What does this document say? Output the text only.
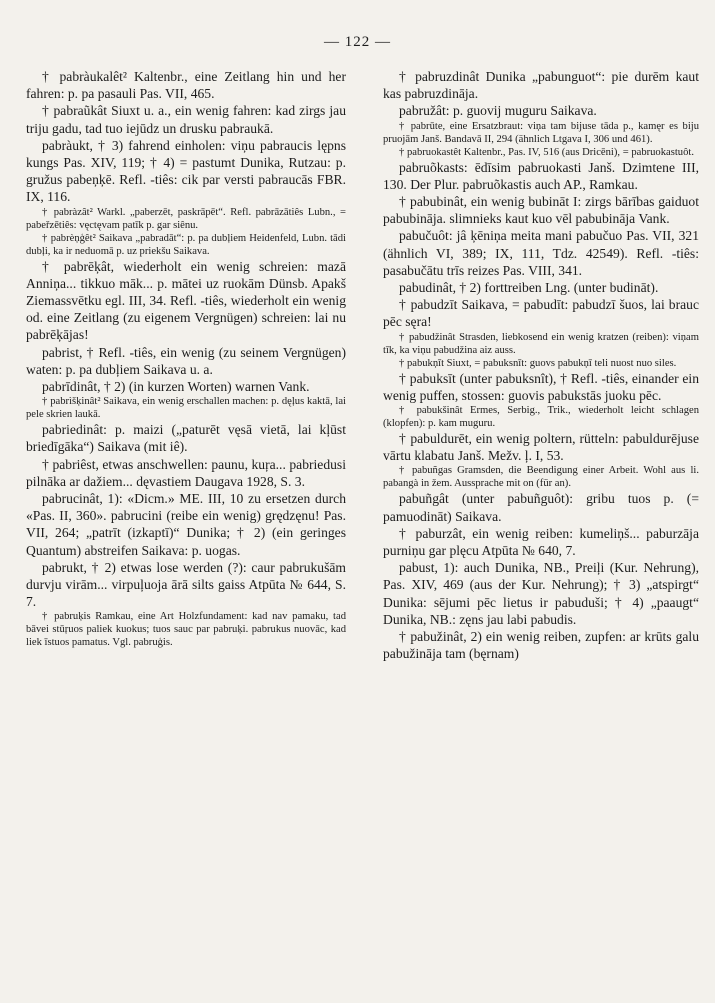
— 122 —

† pabràukalêt² Kaltenbr., eine Zeitlang hin und her fahren: p. pa pasauli Pas. VII, 465.

† pabraũkât Siuxt u. a., ein wenig fahren: kad zirgs jau triju gadu, tad tuo iejūdz un drusku pabraukā.

pabràukt, † 3) fahrend einholen: viņu pabraucis lępns kungs Pas. XIV, 119; † 4) = pastumt Dunika, Rutzau: p. gružus pabeņķē. Refl. -tiês: cik par versti pabraucās FBR. IX, 116.

† pabràzât² Warkl. „paberzēt, paskrāpēt“. Refl. pabrāzātiês Lubn., = pabeřzētiês: vęctęvam patīk p. gar siênu.

† pabrèņģêt² Saikava „pabradāt“: p. pa dubļiem Heidenfeld, Lubn. tādi dubļi, ka ir neduomā p. uz priekšu Saikava.

† pabrēķât, wiederholt ein wenig schreien: mazā Anniņa... tikkuo māk... p. mātei uz ruokām Dünsb. Apakš Ziemassvētku egl. III, 34. Refl. -tiês, wiederholt ein wenig od. eine Zeitlang (zu eigenem Vergnügen) schreien: lai nu pabrēķājas!

pabrist, † Refl. -tiês, ein wenig (zu seinem Vergnügen) waten: p. pa dubļiem Saikava u. a.

pabrīdinât, † 2) (in kurzen Worten) warnen Vank.

† pabrìšķinât² Saikava, ein wenig erschallen machen: p. dęļus kaktā, lai pele skrien laukā.

pabriedinât: p. maizi („paturēt vęsā vietā, lai kļūst briedīgāka“) Saikava (mit iê).

† pabriêst, etwas anschwellen: paunu, kuŗa... pabriedusi pilnāka ar dažiem... dęvastiem Daugava 1928, S. 3.

pabrucinât, 1): «Dicm.» ME. III, 10 zu ersetzen durch «Pas. II, 360». pabrucini (reibe ein wenig) grędzęnu! Pas. VII, 264; „patrīt (izkaptī)“ Dunika; † 2) (ein geringes Quantum) abstreifen Saikava: p. uogas.

pabrukt, † 2) etwas lose werden (?): caur pabrukušām durvju virām... virpuļuoja ārā silts gaiss Atpūta № 644, S. 7.

† pabruķis Ramkau, eine Art Holzfundament: kad nav pamaku, tad bāvei stūŗuos paliek kuokus; tuos sauc par pabruķi. pabrukus nuovāc, kad liek īstuos pamatus. Vgl. pabruģis.

† pabruzdinât Dunika „pabunguot“: pie durēm kaut kas pabruzdināja.

pabružât: p. guovij muguru Saikava.

† pabrūte, eine Ersatzbraut: viņa tam bijuse tāda p., kamęr es biju pruojām Janš. Bandavā II, 294 (ähnlich Ltgava I, 306 und 461).

† pabruokastêt Kaltenbr., Pas. IV, 516 (aus Dricēni), = pabruokastuôt.

pabruõkasts: ēdīsim pabruokasti Janš. Dzimtene III, 130. Der Plur. pabruõkastis auch AP., Ramkau.

† pabubinât, ein wenig bubināt I: zirgs bārības gaiduot pabubināja. slimnieks kaut kuo vēl pabubināja Vank.

pabučuôt: jâ ķēniņa meita mani pabučuo Pas. VII, 321 (ähnlich VI, 389; IX, 111, Tdz. 42549). Refl. -tiês: pasabučātu trīs reizes Pas. VIII, 341.

pabudinât, † 2) forttreiben Lng. (unter budināt).

† pabudzīt Saikava, = pabudīt: pabudzī šuos, lai brauc pēc sęra!

† pabudžinât Strasden, liebkosend ein wenig kratzen (reiben): viņam tīk, ka viņu pabudžina aiz auss.

† pabukņīt Siuxt, = pabuksnīt: guovs pabukņī teli nuost nuo siles.

† pabuksīt (unter pabuksnît), † Refl. -tiês, einander ein wenig puffen, stossen: guovis pabukstās juoku pēc.

† pabukšinât Ermes, Serbig., Trik., wiederholt leicht schlagen (klopfen): p. kam muguru.

† pabuldurēt, ein wenig poltern, rütteln: pabuldurējuse vārtu klabatu Janš. Mežv. ļ. I, 53.

† pabuñgas Gramsden, die Beendigung einer Arbeit. Wohl aus li. pabangà in žem. Aussprache mit on (für an).

pabuñgât (unter pabuñguôt): gribu tuos p. (= pamuodināt) Saikava.

† paburzât, ein wenig reiben: kumeliņš... paburzāja purniņu gar plęcu Atpūta № 640, 7.

pabust, 1): auch Dunika, NB., Preiļi (Kur. Nehrung), Pas. XIV, 469 (aus der Kur. Nehrung); † 3) „atspirgt“ Dunika: sējumi pēc lietus ir pabuduši; † 4) „paaugt“ Dunika, NB.: zęns jau labi pabudis.

† pabužinât, 2) ein wenig reiben, zupfen: ar krūts galu pabužināja tam (bęrnam)
